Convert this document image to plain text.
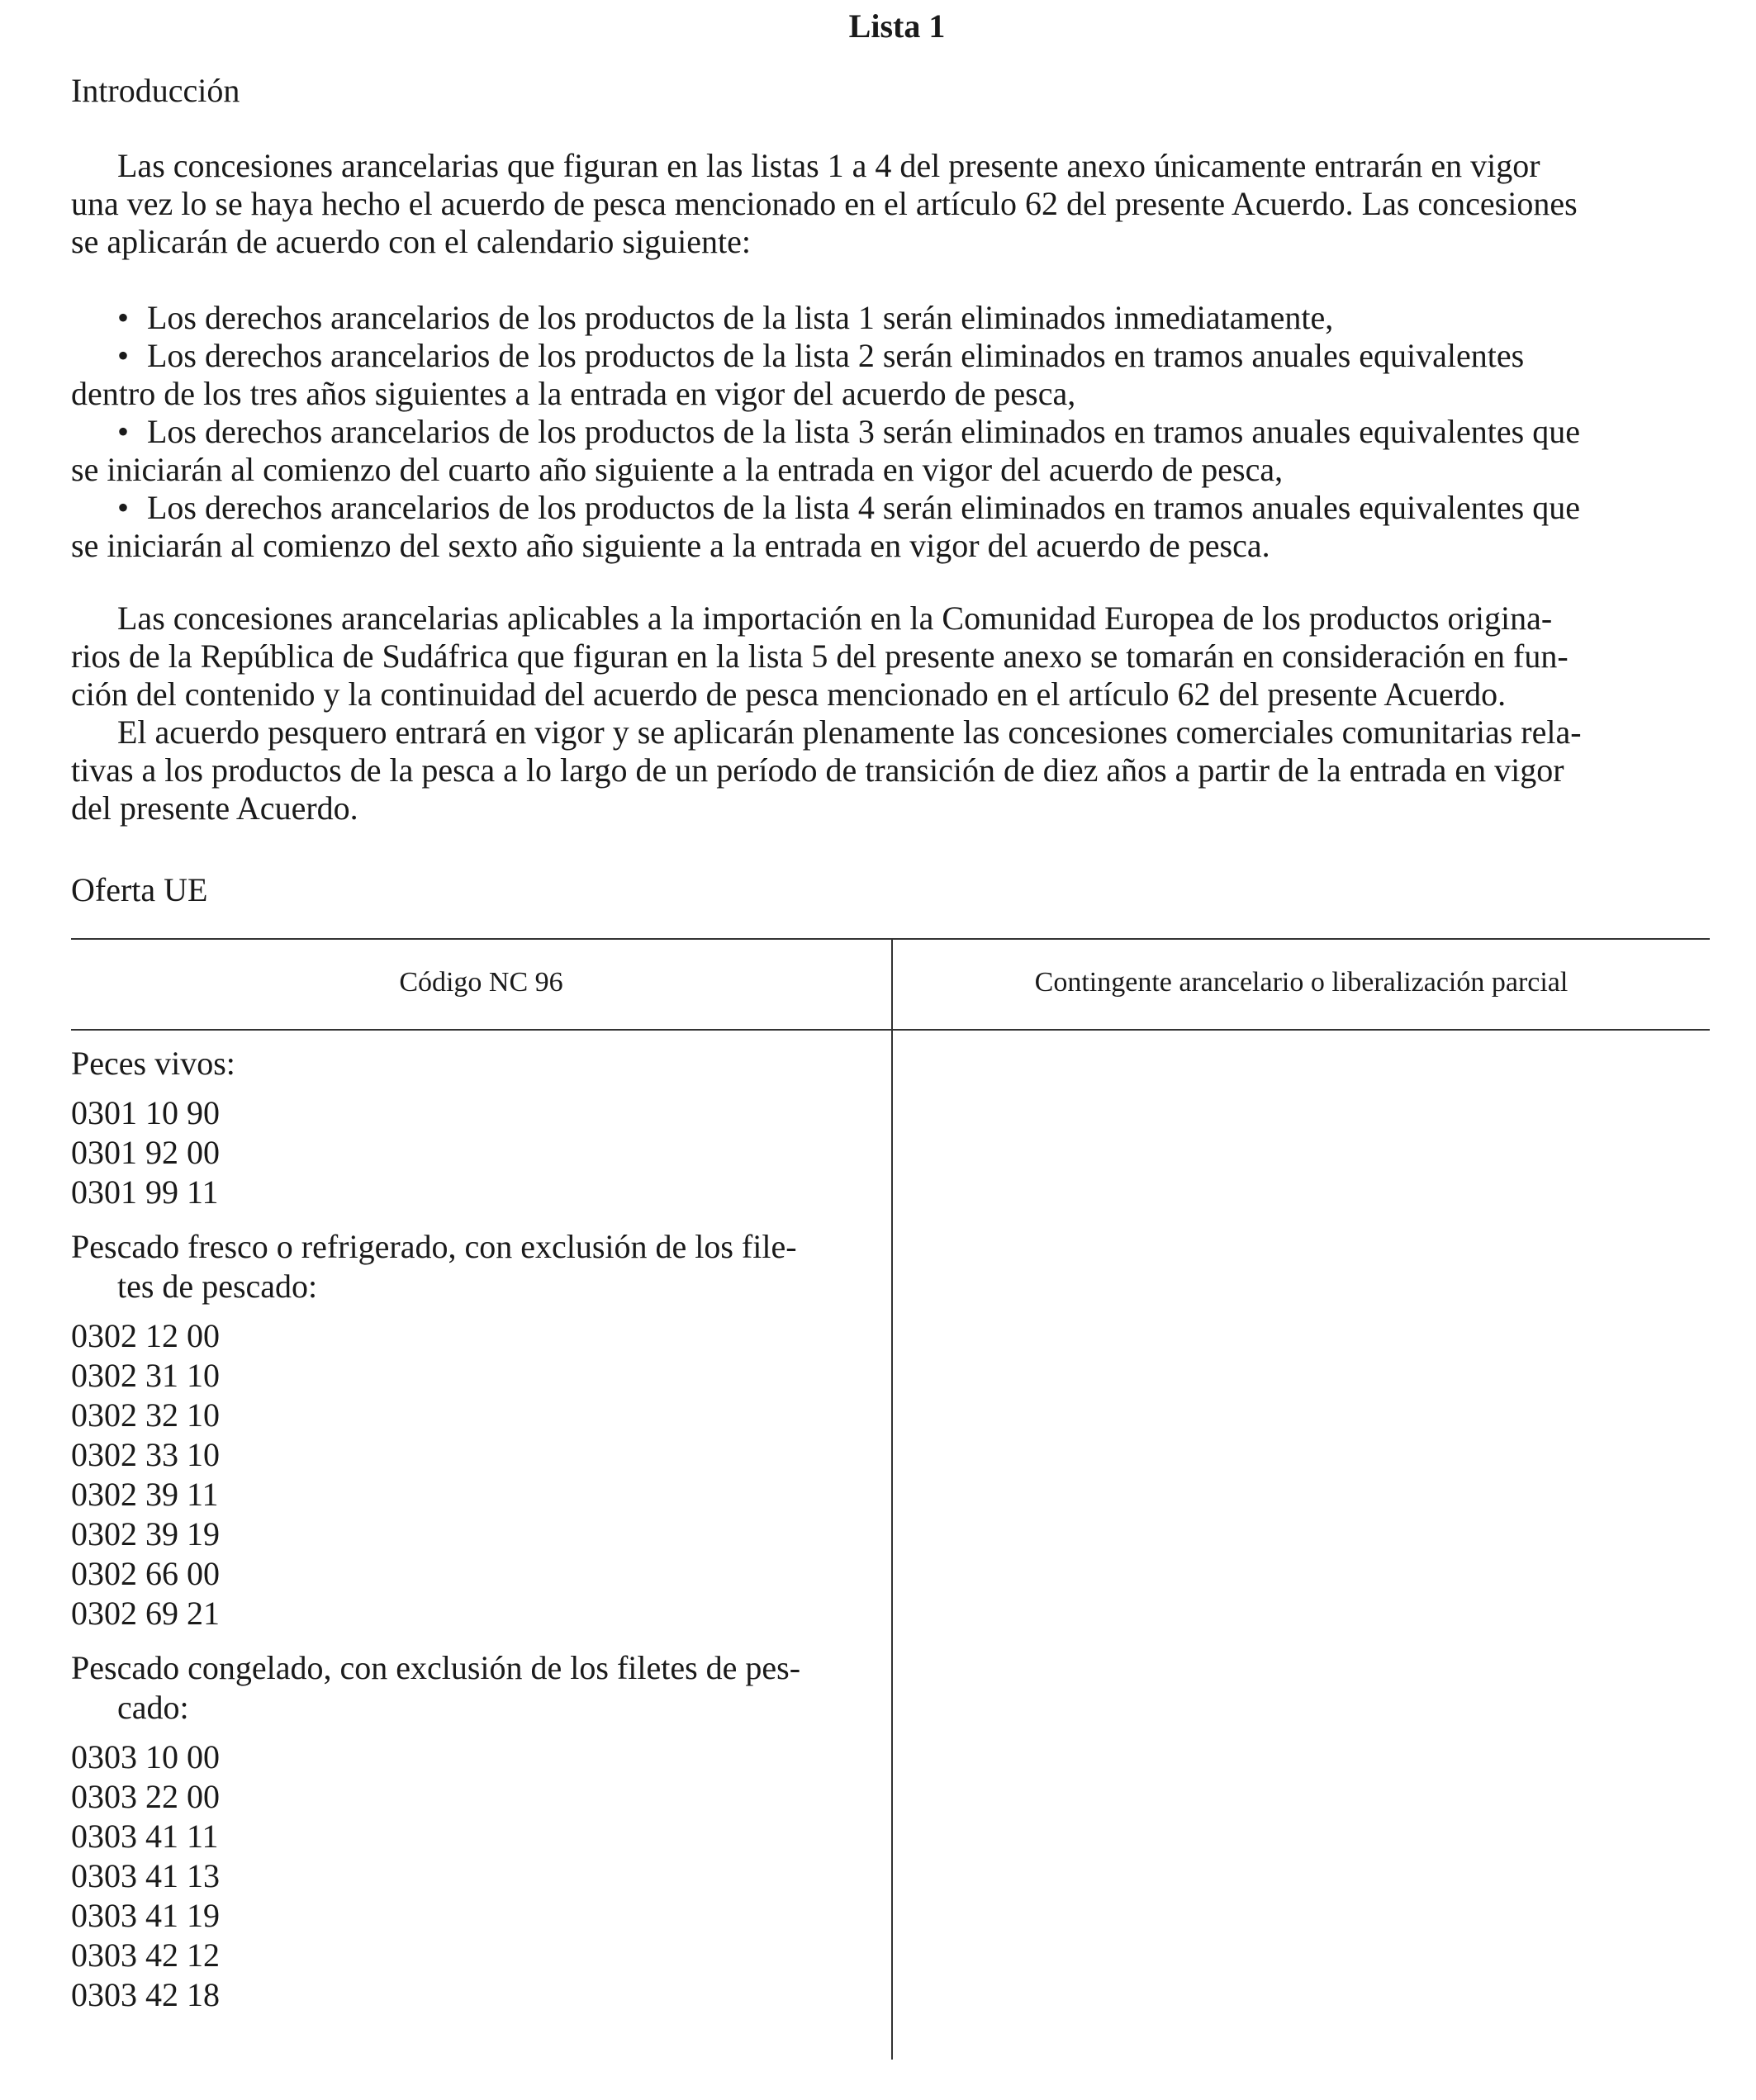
Lista 1
Introducción
Las concesiones arancelarias que figuran en las listas 1 a 4 del presente anexo únicamente entrarán en vigor
una vez lo se haya hecho el acuerdo de pesca mencionado en el artículo 62 del presente Acuerdo. Las concesiones
se aplicarán de acuerdo con el calendario siguiente:
• Los derechos arancelarios de los productos de la lista 1 serán eliminados inmediatamente,
• Los derechos arancelarios de los productos de la lista 2 serán eliminados en tramos anuales equivalentes
dentro de los tres años siguientes a la entrada en vigor del acuerdo de pesca,
• Los derechos arancelarios de los productos de la lista 3 serán eliminados en tramos anuales equivalentes que
se iniciarán al comienzo del cuarto año siguiente a la entrada en vigor del acuerdo de pesca,
• Los derechos arancelarios de los productos de la lista 4 serán eliminados en tramos anuales equivalentes que
se iniciarán al comienzo del sexto año siguiente a la entrada en vigor del acuerdo de pesca.
Las concesiones arancelarias aplicables a la importación en la Comunidad Europea de los productos origina-
rios de la República de Sudáfrica que figuran en la lista 5 del presente anexo se tomarán en consideración en fun-
ción del contenido y la continuidad del acuerdo de pesca mencionado en el artículo 62 del presente Acuerdo.
El acuerdo pesquero entrará en vigor y se aplicarán plenamente las concesiones comerciales comunitarias rela-
tivas a los productos de la pesca a lo largo de un período de transición de diez años a partir de la entrada en vigor
del presente Acuerdo.
Oferta UE
Código NC 96	Contingente arancelario o liberalización parcial
Peces vivos:
0301 10 90
0301 92 00
0301 99 11
Pescado fresco o refrigerado, con exclusión de los file-
tes de pescado:
0302 12 00
0302 31 10
0302 32 10
0302 33 10
0302 39 11
0302 39 19
0302 66 00
0302 69 21
Pescado congelado, con exclusión de los filetes de pes-
cado:
0303 10 00
0303 22 00
0303 41 11
0303 41 13
0303 41 19
0303 42 12
0303 42 18
